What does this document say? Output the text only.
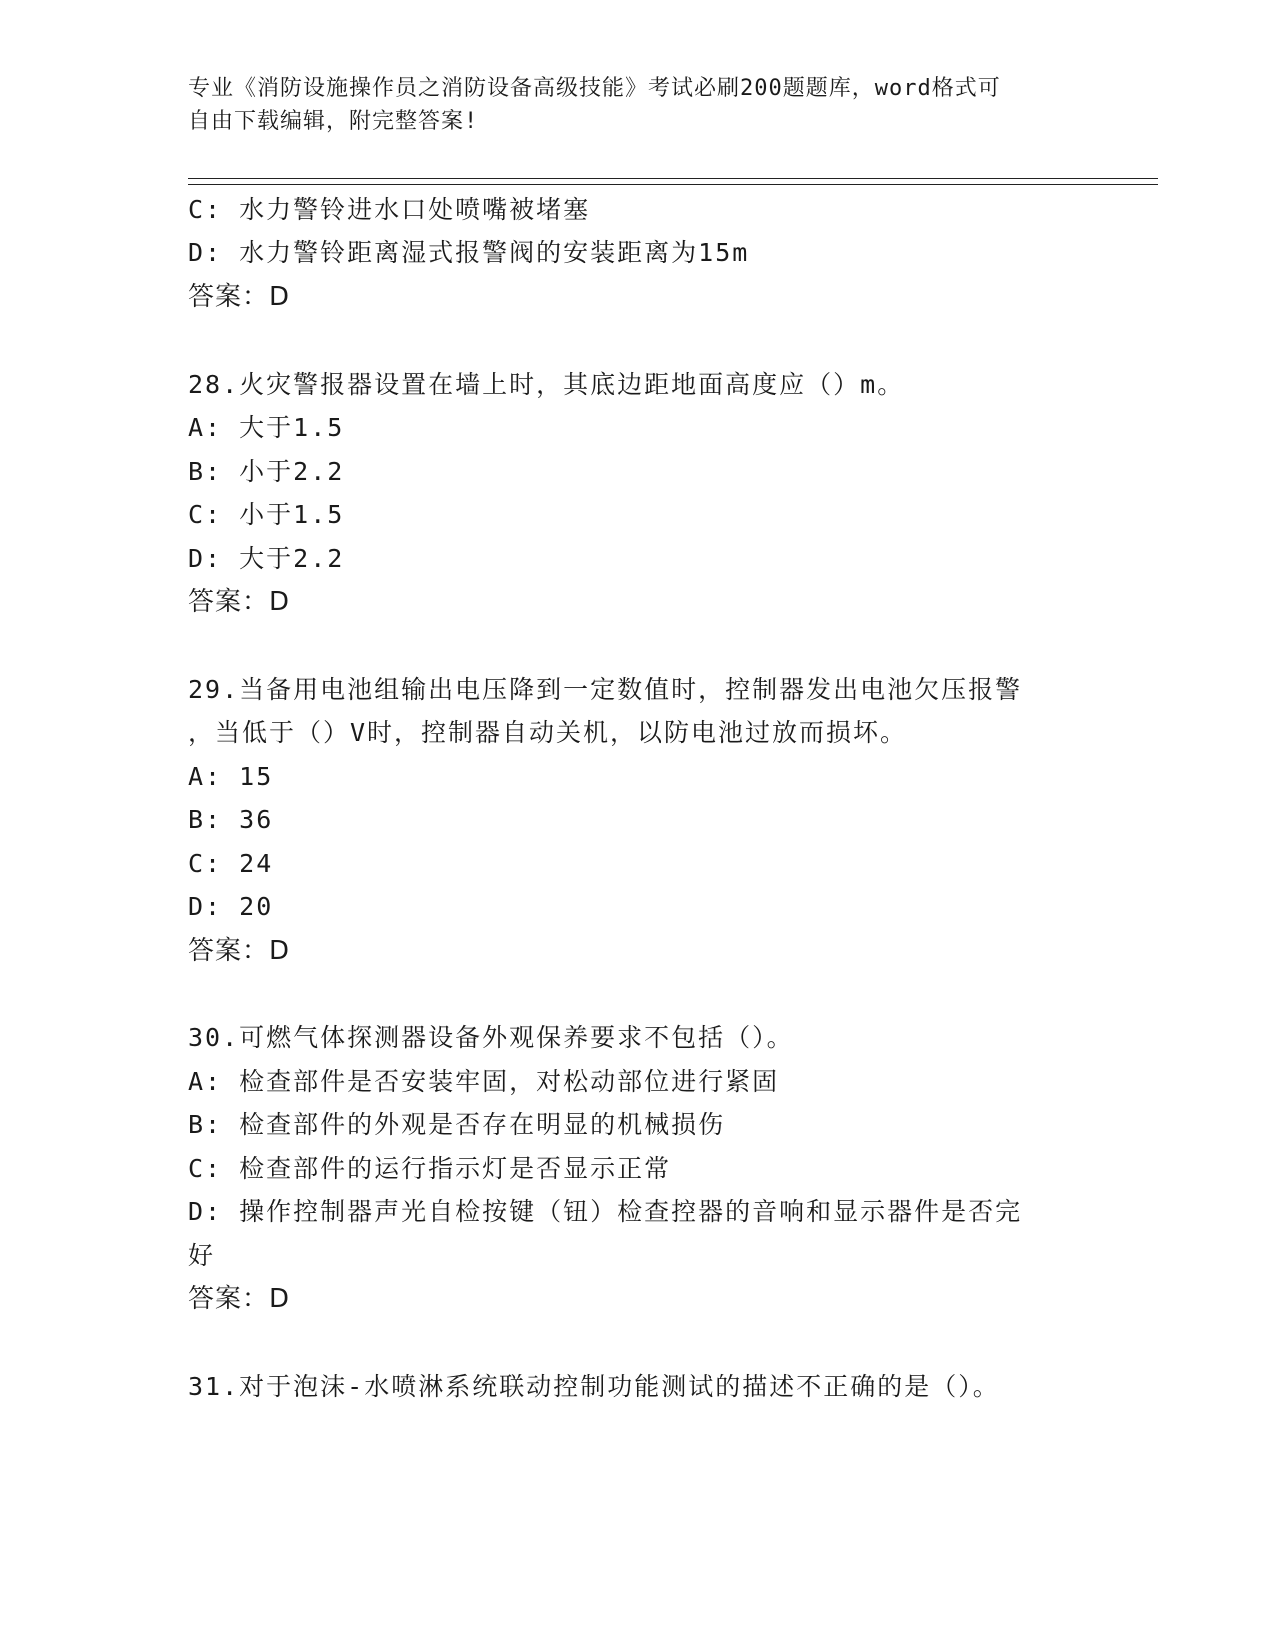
专业《消防设施操作员之消防设备高级技能》考试必刷200题题库，word格式可
自由下载编辑，附完整答案!
C: 水力警铃进水口处喷嘴被堵塞
D: 水力警铃距离湿式报警阀的安装距离为15m
答案：D
28.火灾警报器设置在墙上时，其底边距地面高度应（）m。
A: 大于1.5
B: 小于2.2
C: 小于1.5
D: 大于2.2
答案：D
29.当备用电池组输出电压降到一定数值时，控制器发出电池欠压报警
，当低于（）V时，控制器自动关机，以防电池过放而损坏。
A: 15
B: 36
C: 24
D: 20
答案：D
30.可燃气体探测器设备外观保养要求不包括（）。
A: 检查部件是否安装牢固，对松动部位进行紧固
B: 检查部件的外观是否存在明显的机械损伤
C: 检查部件的运行指示灯是否显示正常
D: 操作控制器声光自检按键（钮）检查控器的音响和显示器件是否完
好
答案：D
31.对于泡沫-水喷淋系统联动控制功能测试的描述不正确的是（）。
